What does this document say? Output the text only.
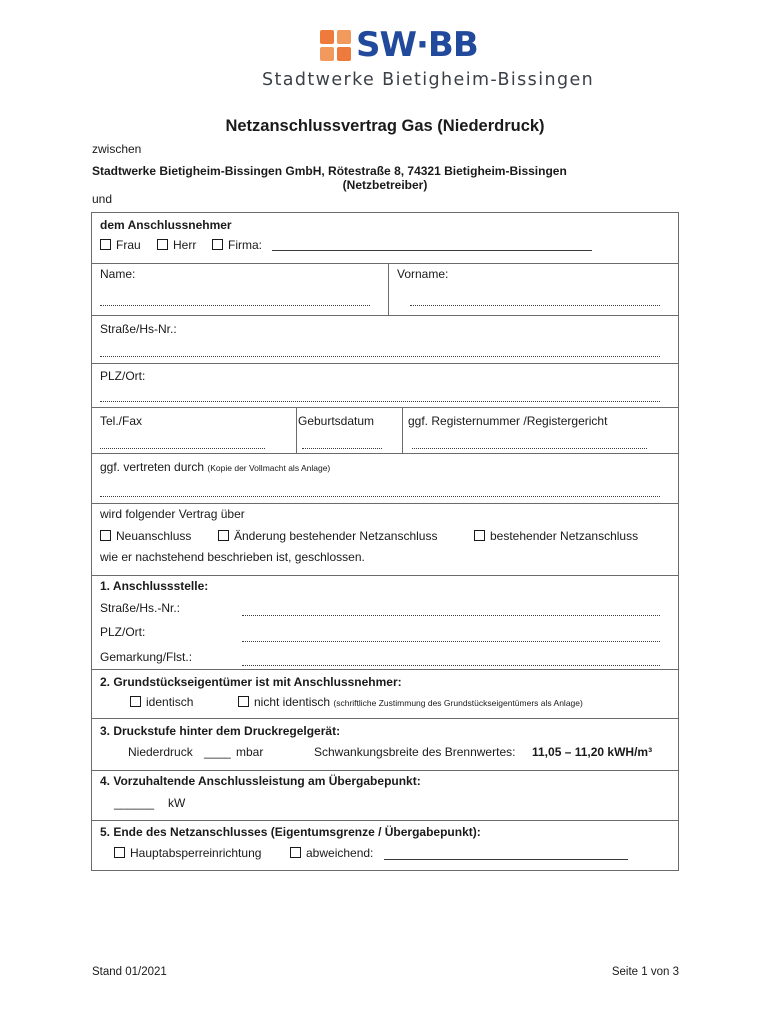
SW·BB
Stadtwerke Bietigheim-Bissingen
Netzanschlussvertrag Gas (Niederdruck)
zwischen
Stadtwerke Bietigheim-Bissingen GmbH, Rötestraße 8, 74321 Bietigheim-Bissingen
(Netzbetreiber)
und
dem Anschlussnehmer
Frau	Herr	Firma:
Name:	Vorname:
Straße/Hs-Nr.:
PLZ/Ort:
Tel./Fax	Geburtsdatum	ggf. Registernummer /Registergericht
ggf. vertreten durch (Kopie der Vollmacht als Anlage)
wird folgender Vertrag über
Neuanschluss	Änderung bestehender Netzanschluss	bestehender Netzanschluss
wie er nachstehend beschrieben ist, geschlossen.
1. Anschlussstelle:
Straße/Hs.-Nr.:
PLZ/Ort:
Gemarkung/Flst.:
2. Grundstückseigentümer ist mit Anschlussnehmer:
identisch	nicht identisch (schriftliche Zustimmung des Grundstückseigentümers als Anlage)
3. Druckstufe hinter dem Druckregelgerät:
Niederdruck ____ mbar	Schwankungsbreite des Brennwertes: 11,05 – 11,20 kWH/m³
4. Vorzuhaltende Anschlussleistung am Übergabepunkt:
______ kW
5. Ende des Netzanschlusses (Eigentumsgrenze / Übergabepunkt):
Hauptabsperreinrichtung	abweichend:
Stand 01/2021	Seite 1 von 3
